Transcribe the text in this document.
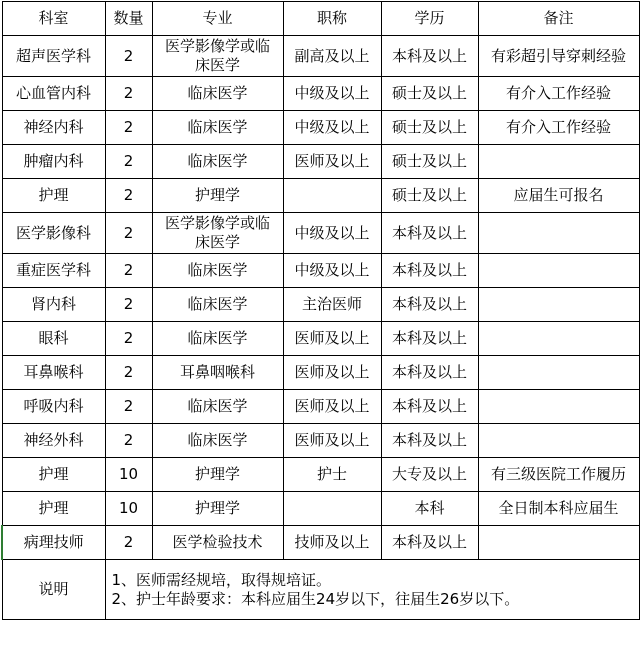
科室	数量	专业	职称	学历	备注
超声医学科	2	医学影像学或临床医学	副高及以上	本科及以上	有彩超引导穿刺经验
心血管内科	2	临床医学	中级及以上	硕士及以上	有介入工作经验
神经内科	2	临床医学	中级及以上	硕士及以上	有介入工作经验
肿瘤内科	2	临床医学	医师及以上	硕士及以上	
护理	2	护理学		硕士及以上	应届生可报名
医学影像科	2	医学影像学或临床医学	中级及以上	本科及以上	
重症医学科	2	临床医学	中级及以上	本科及以上	
肾内科	2	临床医学	主治医师	本科及以上	
眼科	2	临床医学	医师及以上	本科及以上	
耳鼻喉科	2	耳鼻咽喉科	医师及以上	本科及以上	
呼吸内科	2	临床医学	医师及以上	本科及以上	
神经外科	2	临床医学	医师及以上	本科及以上	
护理	10	护理学	护士	大专及以上	有三级医院工作履历
护理	10	护理学		本科	全日制本科应届生
病理技师	2	医学检验技术	技师及以上	本科及以上	
说明	1、医师需经规培，取得规培证。
2、护士年龄要求：本科应届生24岁以下，往届生26岁以下。				
